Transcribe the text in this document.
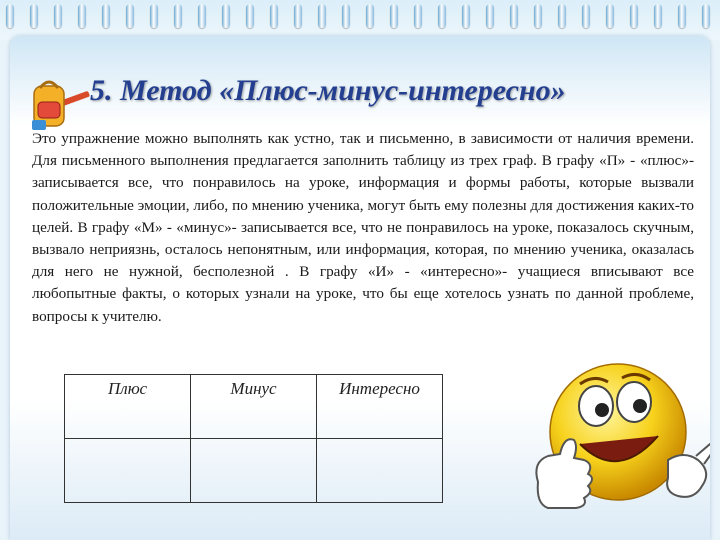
5. Метод «Плюс-минус-интересно»
Это упражнение можно выполнять как устно, так и письменно, в зависимости от наличия времени. Для письменного выполнения предлагается заполнить таблицу из трех граф. В графу «П» - «плюс»- записывается все, что понравилось на уроке, информация и формы работы, которые вызвали положительные эмоции, либо, по мнению ученика, могут быть ему полезны для достижения каких-то целей. В графу «М» - «минус»- записывается все, что не понравилось на уроке, показалось скучным, вызвало неприязнь, осталось непонятным, или информация, которая, по мнению ученика, оказалась для него не нужной, бесполезной . В графу «И» - «интересно»- учащиеся вписывают все любопытные факты, о которых узнали на уроке, что бы еще хотелось узнать по данной проблеме, вопросы к учителю.
Плюс	Минус	Интересно
